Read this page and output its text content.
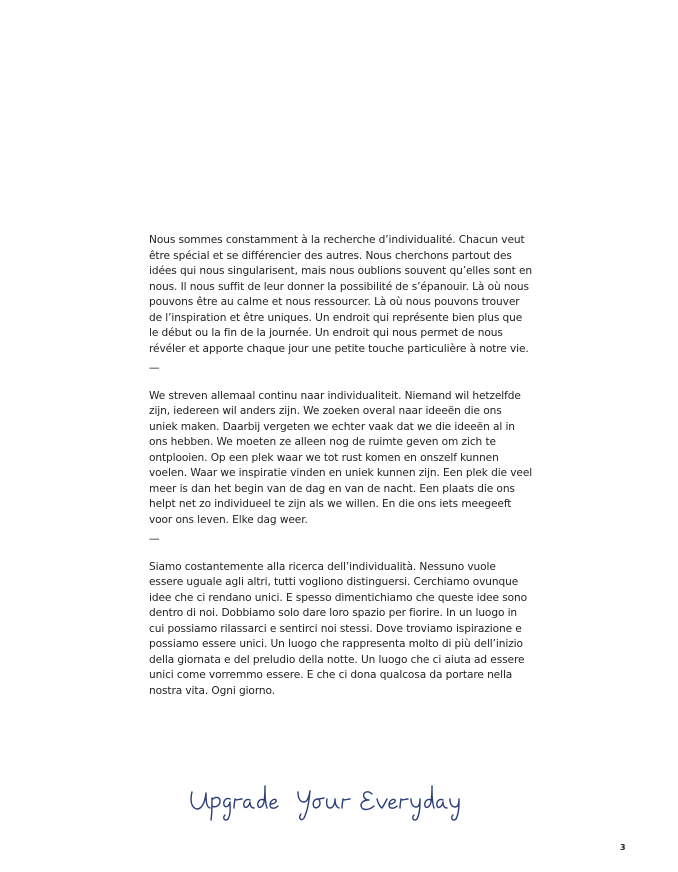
Nous sommes constamment à la recherche d’individualité. Chacun veut être spécial et se différencier des autres. Nous cherchons partout des idées qui nous singularisent, mais nous oublions souvent qu’elles sont en nous. Il nous suffit de leur donner la possibilité de s’épanouir. Là où nous pouvons être au calme et nous ressourcer. Là où nous pouvons trouver de l’inspiration et être uniques. Un endroit qui représente bien plus que le début ou la fin de la journée. Un endroit qui nous permet de nous révéler et apporte chaque jour une petite touche particulière à notre vie.

—

We streven allemaal continu naar individualiteit. Niemand wil hetzelfde zijn, iedereen wil anders zijn. We zoeken overal naar ideeën die ons uniek maken. Daarbij vergeten we echter vaak dat we die ideeën al in ons hebben. We moeten ze alleen nog de ruimte geven om zich te ontplooien. Op een plek waar we tot rust komen en onszelf kunnen voelen. Waar we inspiratie vinden en uniek kunnen zijn. Een plek die veel meer is dan het begin van de dag en van de nacht. Een plaats die ons helpt net zo individueel te zijn als we willen. En die ons iets meegeeft voor ons leven. Elke dag weer.

—

Siamo costantemente alla ricerca dell’individualità. Nessuno vuole essere uguale agli altri, tutti vogliono distinguersi. Cerchiamo ovunque idee che ci rendano unici. E spesso dimentichiamo che queste idee sono dentro di noi. Dobbiamo solo dare loro spazio per fiorire. In un luogo in cui possiamo rilassarci e sentirci noi stessi. Dove troviamo ispirazione e possiamo essere unici. Un luogo che rappresenta molto di più dell’inizio della giornata e del preludio della notte. Un luogo che ci aiuta ad essere unici come vorremmo essere. E che ci dona qualcosa da portare nella nostra vita. Ogni giorno.

3
